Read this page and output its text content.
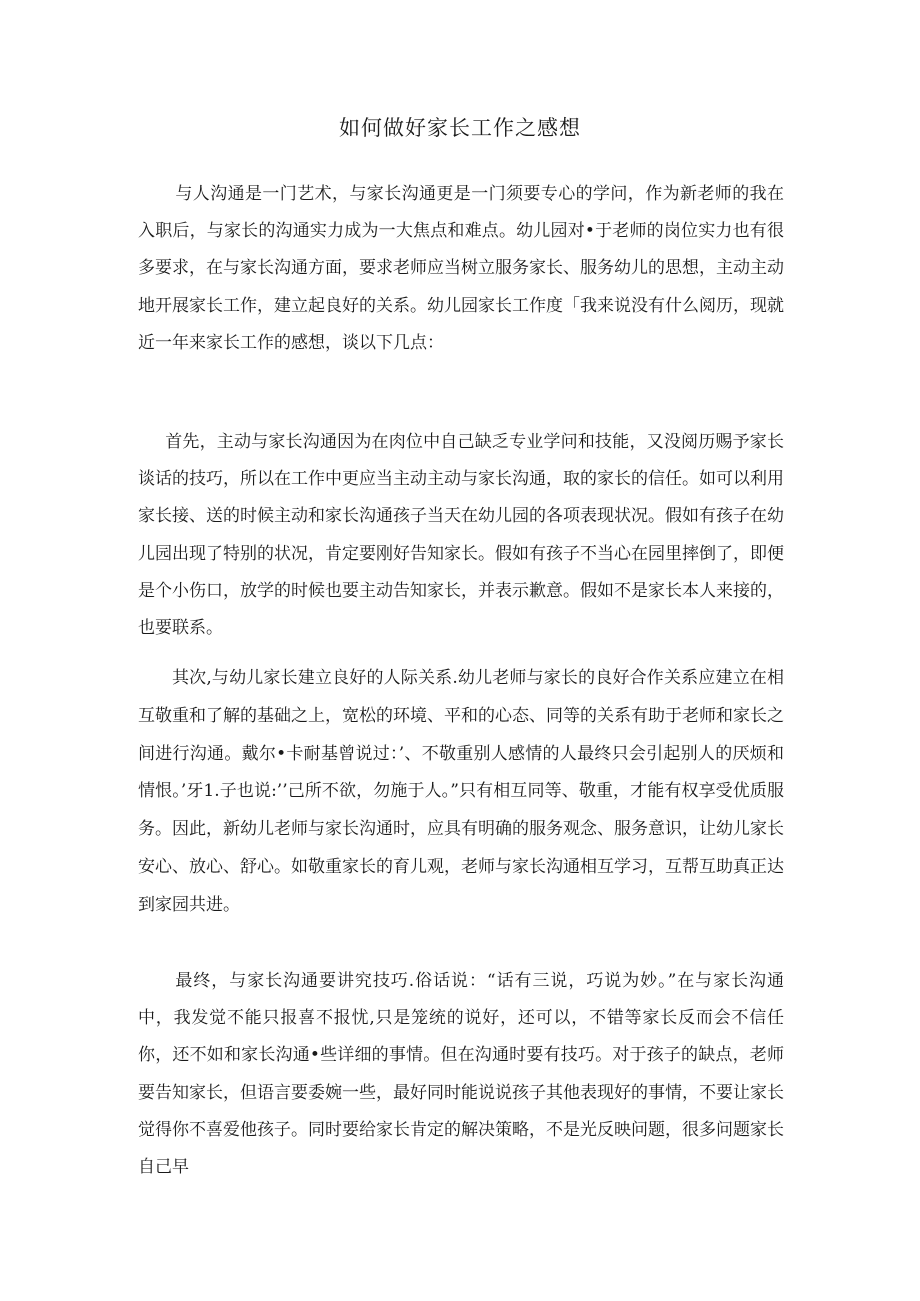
如何做好家长工作之感想

与人沟通是一门艺术，与家长沟通更是一门须要专心的学问，作为新老师的我在入职后，与家长的沟通实力成为一大焦点和难点。幼儿园对•于老师的岗位实力也有很多要求，在与家长沟通方面，要求老师应当树立服务家长、服务幼儿的思想，主动主动地开展家长工作，建立起良好的关系。幼儿园家长工作度「我来说没有什么阅历，现就近一年来家长工作的感想，谈以下几点：

首先，主动与家长沟通因为在肉位中自己缺乏专业学问和技能，又没阅历赐予家长谈话的技巧，所以在工作中更应当主动主动与家长沟通，取的家长的信任。如可以利用家长接、送的时候主动和家长沟通孩子当天在幼儿园的各项表现状况。假如有孩子在幼儿园出现了特别的状况，肯定要刚好告知家长。假如有孩子不当心在园里摔倒了，即便是个小伤口，放学的时候也要主动告知家长，并表示歉意。假如不是家长本人来接的，也要联系。

其次,与幼儿家长建立良好的人际关系.幼儿老师与家长的良好合作关系应建立在相互敬重和了解的基础之上，宽松的环境、平和的心态、同等的关系有助于老师和家长之间进行沟通。戴尔•卡耐基曾说过：’、不敬重别人感情的人最终只会引起别人的厌烦和情恨。’牙1.子也说:’’己所不欲，勿施于人。”只有相互同等、敬重，才能有权享受优质服务。因此，新幼儿老师与家长沟通时，应具有明确的服务观念、服务意识，让幼儿家长安心、放心、舒心。如敬重家长的育儿观，老师与家长沟通相互学习，互帮互助真正达到家园共进。

最终，与家长沟通要讲究技巧.俗话说：“话有三说，巧说为妙。”在与家长沟通中，我发觉不能只报喜不报忧,只是笼统的说好，还可以，不错等家长反而会不信任你，还不如和家长沟通•些详细的事情。但在沟通时要有技巧。对于孩子的缺点，老师要告知家长，但语言要委婉一些，最好同时能说说孩子其他表现好的事情，不要让家长觉得你不喜爱他孩子。同时要给家长肯定的解决策略，不是光反映问题，很多问题家长自己早
